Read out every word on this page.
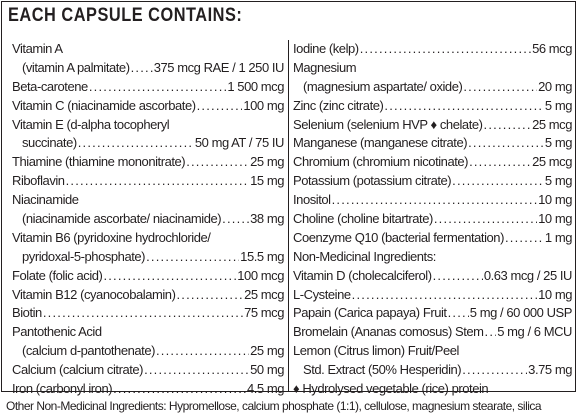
EACH CAPSULE CONTAINS:
Vitamin A
(vitamin A palmitate) ..... 375 mcg RAE / 1 250 IU
Beta-carotene .....	1 500 mcg
Vitamin C (niacinamide ascorbate) .....	100 mg
Vitamin E (d-alpha tocopheryl
succinate) .....	50 mg AT / 75 IU
Thiamine (thiamine mononitrate) .....	25 mg
Riboflavin .....	15 mg
Niacinamide
(niacinamide ascorbate/ niacinamide) ..... 38 mg
Vitamin B6 (pyridoxine hydrochloride/
pyridoxal-5-phosphate) .....	15.5 mg
Folate (folic acid) .....	100 mcg
Vitamin B12 (cyanocobalamin) .....	25 mcg
Biotin .....	75 mcg
Pantothenic Acid
(calcium d-pantothenate) .....	25 mg
Calcium (calcium citrate) .....	50 mg
Iron (carbonyl iron) .....	4.5 mg
Iodine (kelp) .....	56 mcg
Magnesium
(magnesium aspartate/ oxide) .....	20 mg
Zinc (zinc citrate) .....	5 mg
Selenium (selenium HVP ♦ chelate) .....	25 mcg
Manganese (manganese citrate) .....	5 mg
Chromium (chromium nicotinate) .....	25 mcg
Potassium (potassium citrate) .....	5 mg
Inositol .....	10 mg
Choline (choline bitartrate) .....	10 mg
Coenzyme Q10 (bacterial fermentation) .....	1 mg
Non-Medicinal Ingredients:
Vitamin D (cholecalciferol) .....	0.63 mcg / 25 IU
L-Cysteine .....	10 mg
Papain (Carica papaya) Fruit ..... 5 mg / 60 000 USP
Bromelain (Ananas comosus) Stem ..... 5 mg / 6 MCU
Lemon (Citrus limon) Fruit/Peel
Std. Extract (50% Hesperidin) .....	3.75 mg
♦ Hydrolysed vegetable (rice) protein
Other Non-Medicinal Ingredients: Hypromellose, calcium phosphate (1:1), cellulose, magnesium stearate, silica
